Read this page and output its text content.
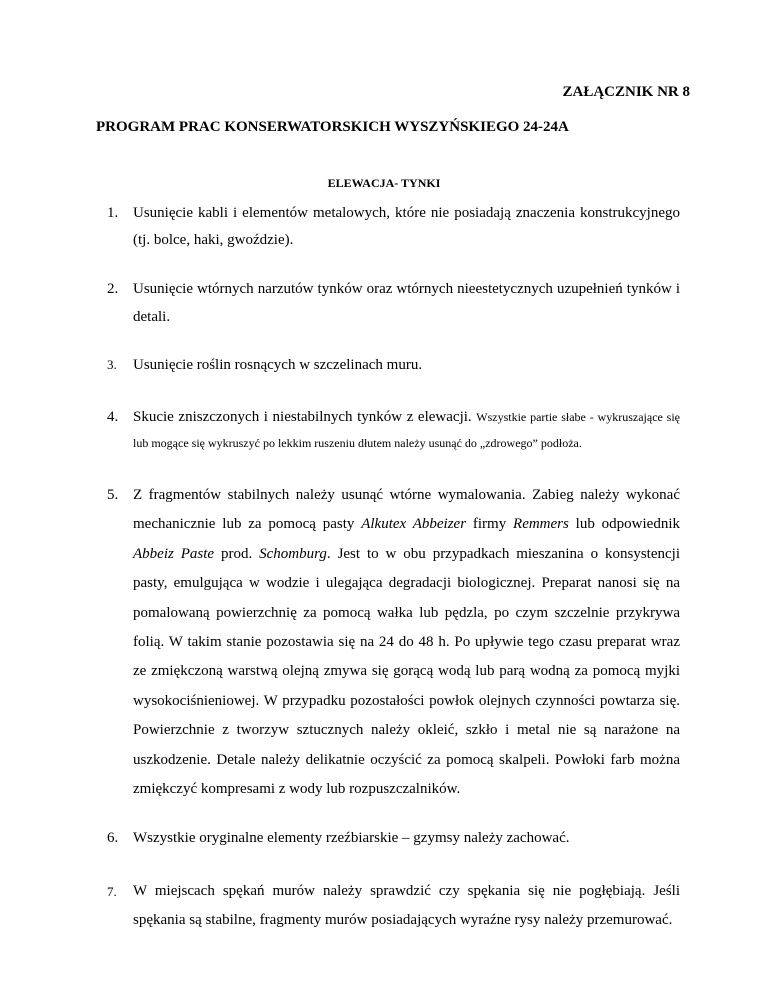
ZAŁĄCZNIK NR 8
PROGRAM PRAC KONSERWATORSKICH WYSZYŃSKIEGO 24-24A
ELEWACJA- TYNKI
1. Usunięcie kabli i elementów metalowych, które nie posiadają znaczenia konstrukcyjnego (tj. bolce, haki, gwoździe).
2. Usunięcie wtórnych narzutów tynków oraz wtórnych nieestetycznych uzupełnień tynków i detali.
3. Usunięcie roślin rosnących w szczelinach muru.
4. Skucie zniszczonych i niestabilnych tynków z elewacji. Wszystkie partie słabe - wykruszające się lub mogące się wykruszyć po lekkim ruszeniu dłutem należy usunąć do „zdrowego” podłoża.
5. Z fragmentów stabilnych należy usunąć wtórne wymalowania. Zabieg należy wykonać mechanicznie lub za pomocą pasty Alkutex Abbeizer firmy Remmers lub odpowiednik Abbeiz Paste prod. Schomburg. Jest to w obu przypadkach mieszanina o konsystencji pasty, emulgująca w wodzie i ulegająca degradacji biologicznej. Preparat nanosi się na pomalowaną powierzchnię za pomocą wałka lub pędzla, po czym szczelnie przykrywa folią. W takim stanie pozostawia się na 24 do 48 h. Po upływie tego czasu preparat wraz ze zmiękczoną warstwą olejną zmywa się gorącą wodą lub parą wodną za pomocą myjki wysokociśnieniowej. W przypadku pozostałości powłok olejnych czynności powtarza się. Powierzchnie z tworzyw sztucznych należy okleić, szkło i metal nie są narażone na uszkodzenie. Detale należy delikatnie oczyścić za pomocą skalpeli. Powłoki farb można zmiękczyć kompresami z wody lub rozpuszczalników.
6. Wszystkie oryginalne elementy rzeźbiarskie – gzymsy należy zachować.
7. W miejscach spękań murów należy sprawdzić czy spękania się nie pogłębiają. Jeśli spękania są stabilne, fragmenty murów posiadających wyraźne rysy należy przemurować.
